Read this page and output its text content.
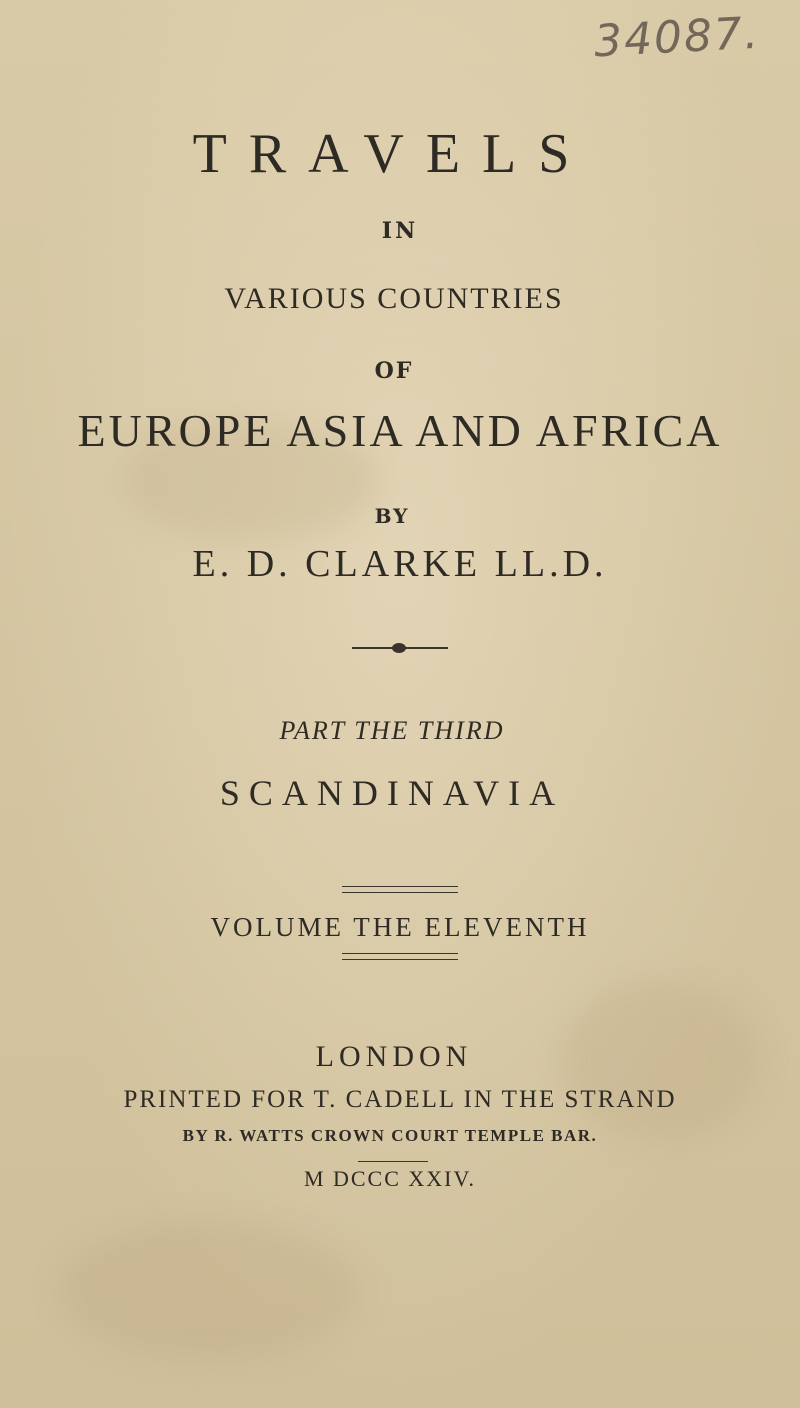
34087.
TRAVELS
IN
VARIOUS COUNTRIES
OF
EUROPE ASIA AND AFRICA
BY
E. D. CLARKE LL.D.
PART THE THIRD
SCANDINAVIA
VOLUME THE ELEVENTH
LONDON
PRINTED FOR T. CADELL IN THE STRAND
BY R. WATTS CROWN COURT TEMPLE BAR.
M DCCC XXIV.
